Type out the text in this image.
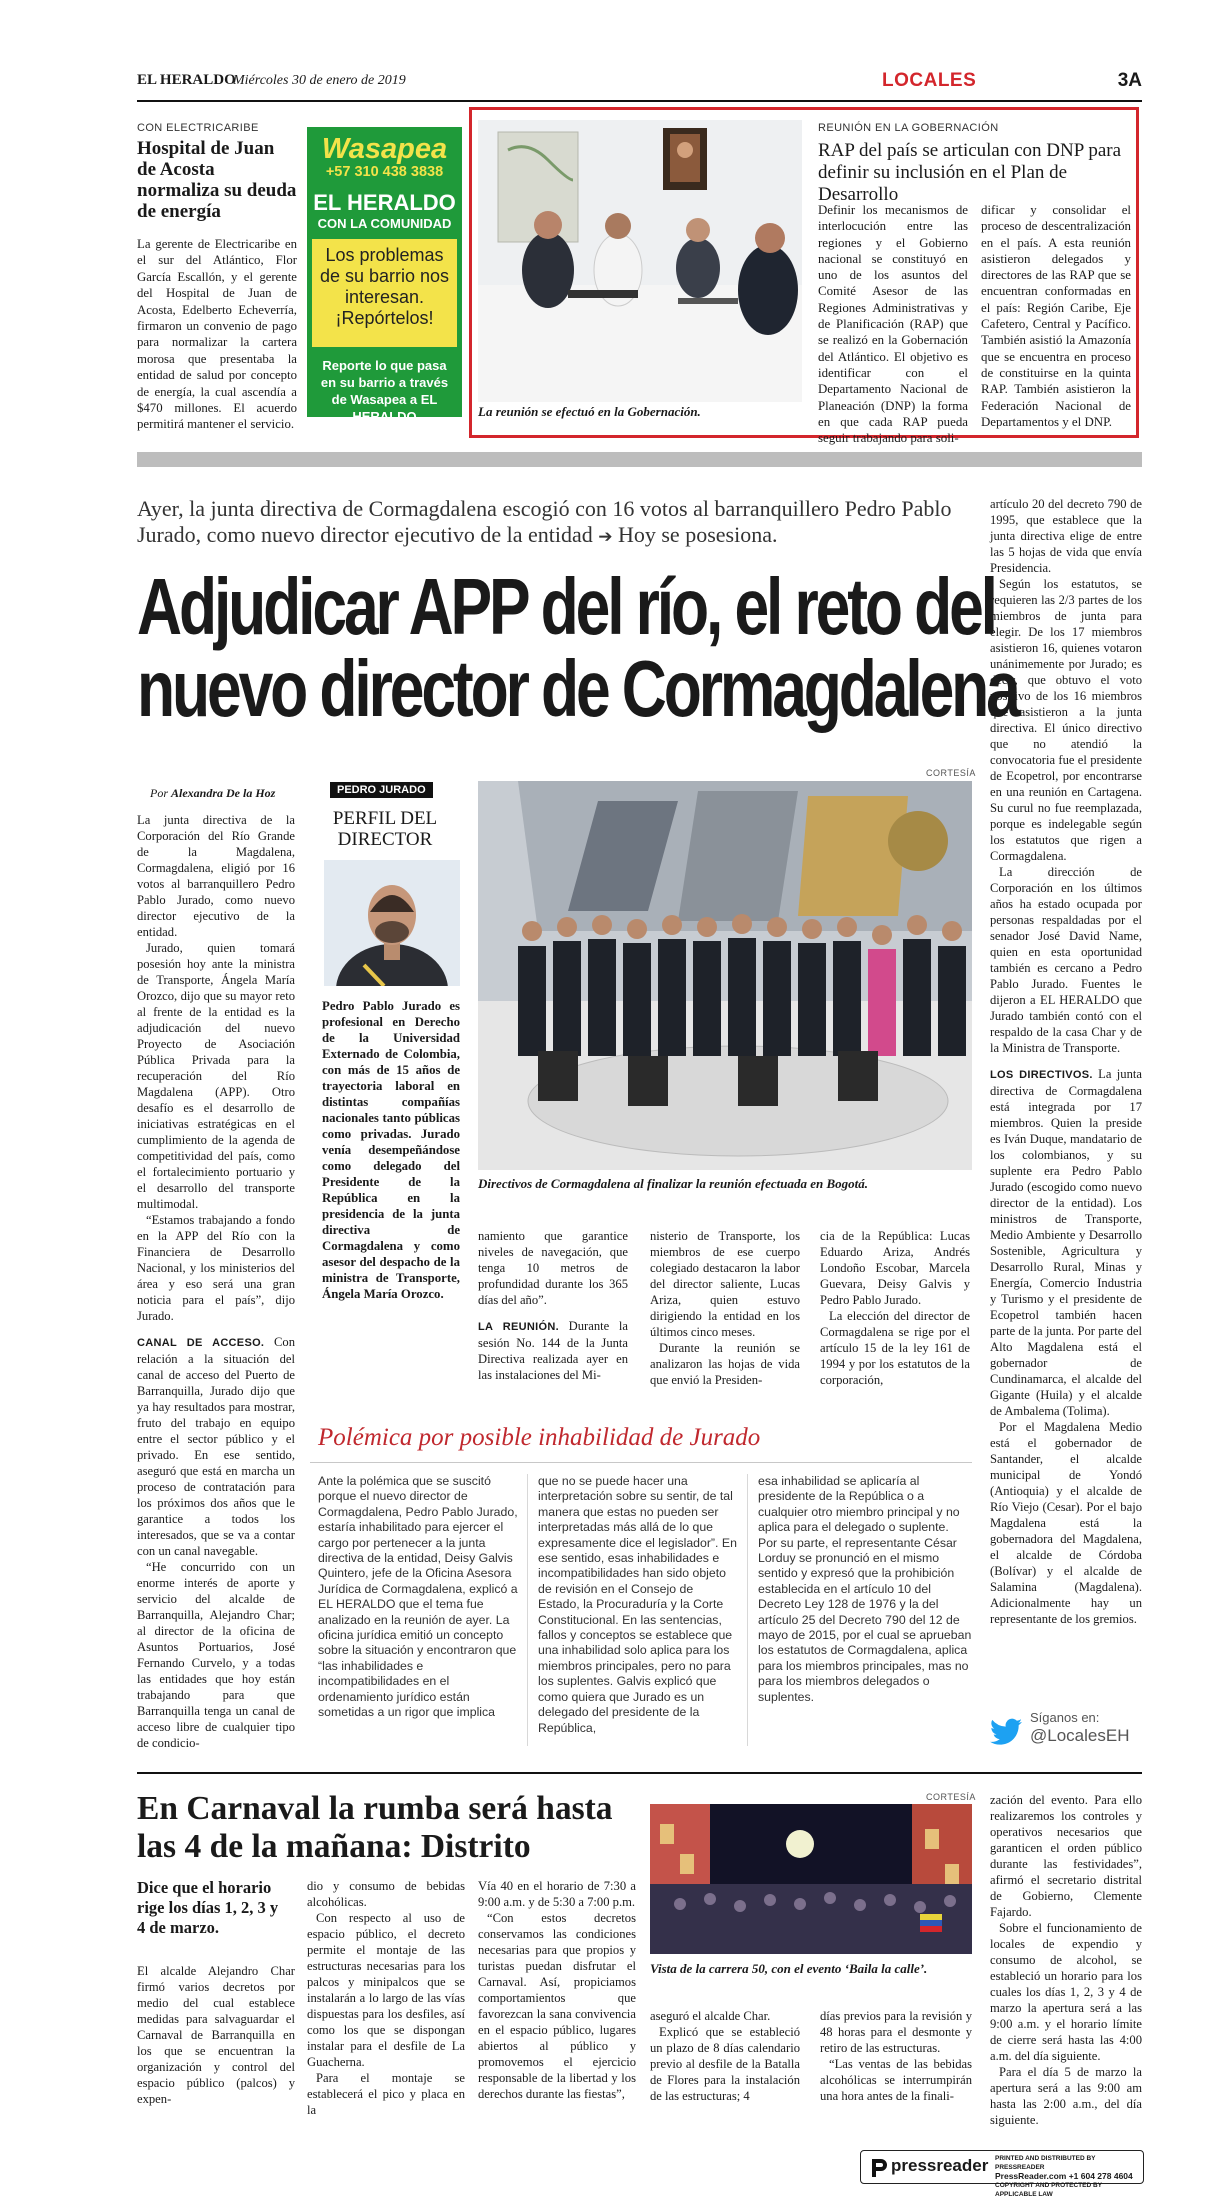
EL HERALDO
Miércoles 30 de enero de 2019	LOCALES	3A
CON ELECTRICARIBE
Hospital de Juan de Acosta normaliza su deuda de energía

La gerente de Electricaribe en el sur del Atlántico, Flor García Escallón, y el gerente del Hospital de Juan de Acosta, Edelberto Echeverría, firmaron un convenio de pago para normalizar la cartera morosa que presentaba la entidad de salud por concepto de energía, la cual ascendía a $470 millones. El acuerdo permitirá mantener el servicio.

Wasapea
+57 310 438 3838
EL HERALDO
CON LA COMUNIDAD
Los problemas de su barrio nos interesan. ¡Repórtelos!
Reporte lo que pasa en su barrio a través de Wasapea a EL HERALDO	La reunión se efectuó en la Gobernación.
REUNIÓN EN LA GOBERNACIÓN
RAP del país se articulan con DNP para definir su inclusión en el Plan de Desarrollo

Definir los mecanismos de interlocución entre las regiones y el Gobierno nacional se constituyó en uno de los asuntos del Comité Asesor de las Regiones Administrativas y de Planificación (RAP) que se realizó en la Gobernación del Atlántico. El objetivo es identificar con el Departamento Nacional de Planeación (DNP) la forma en que cada RAP pueda seguir trabajando para soli-

dificar y consolidar el proceso de descentralización en el país. A esta reunión asistieron delegados y directores de las RAP que se encuentran conformadas en el país: Región Caribe, Eje Cafetero, Central y Pacífico. También asistió la Amazonía que se encuentra en proceso de constituirse en la quinta RAP. También asistieron la Federación Nacional de Departamentos y el DNP.

Ayer, la junta directiva de Cormagdalena escogió con 16 votos al barranquillero Pedro Pablo Jurado, como nuevo director ejecutivo de la entidad ➔ Hoy se posesiona.
Adjudicar APP del río, el reto del
nuevo director de Cormagdalena
Por Alexandra De la Hoz

La junta directiva de la Corporación del Río Grande de la Magdalena, Cormagdalena, eligió por 16 votos al barranquillero Pedro Pablo Jurado, como nuevo director ejecutivo de la entidad.

Jurado, quien tomará posesión hoy ante la ministra de Transporte, Ángela María Orozco, dijo que su mayor reto al frente de la entidad es la adjudicación del nuevo Proyecto de Asociación Pública Privada para la recuperación del Río Magdalena (APP). Otro desafío es el desarrollo de iniciativas estratégicas en el cumplimiento de la agenda de competitividad del país, como el fortalecimiento portuario y el desarrollo del transporte multimodal.

“Estamos trabajando a fondo en la APP del Río con la Financiera de Desarrollo Nacional, y los ministerios del área y eso será una gran noticia para el país”, dijo Jurado.

CANAL DE ACCESO. Con relación a la situación del canal de acceso del Puerto de Barranquilla, Jurado dijo que ya hay resultados para mostrar, fruto del trabajo en equipo entre el sector público y el privado. En ese sentido, aseguró que está en marcha un proceso de contratación para los próximos dos años que le garantice a todos los interesados, que se va a contar con un canal navegable.

“He concurrido con un enorme interés de aporte y servicio del alcalde de Barranquilla, Alejandro Char; al director de la oficina de Asuntos Portuarios, José Fernando Curvelo, y a todas las entidades que hoy están trabajando para que Barranquilla tenga un canal de acceso libre de cualquier tipo de condicio-

PEDRO JURADO
PERFIL DEL DIRECTOR
Pedro Pablo Jurado es profesional en Derecho de la Universidad Externado de Colombia, con más de 15 años de trayectoria laboral en distintas compañías nacionales tanto públicas como privadas. Jurado venía desempeñándose como delegado del Presidente de la República en la presidencia de la junta directiva de Cormagdalena y como asesor del despacho de la ministra de Transporte, Ángela María Orozco.
CORTESÍA
Directivos de Cormagdalena al finalizar la reunión efectuada en Bogotá.

namiento que garantice niveles de navegación, que tenga 10 metros de profundidad durante los 365 días del año”.

LA REUNIÓN. Durante la sesión No. 144 de la Junta Directiva realizada ayer en las instalaciones del Mi-

nisterio de Transporte, los miembros de ese cuerpo colegiado destacaron la labor del director saliente, Lucas Ariza, quien estuvo dirigiendo la entidad en los últimos cinco meses.

Durante la reunión se analizaron las hojas de vida que envió la Presiden-

cia de la República: Lucas Eduardo Ariza, Andrés Londoño Escobar, Marcela Guevara, Deisy Galvis y Pedro Pablo Jurado.

La elección del director de Cormagdalena se rige por el artículo 15 de la ley 161 de 1994 y por los estatutos de la corporación,

artículo 20 del decreto 790 de 1995, que establece que la junta directiva elige de entre las 5 hojas de vida que envía Presidencia.

Según los estatutos, se requieren las 2/3 partes de los miembros de junta para elegir. De los 17 miembros asistieron 16, quienes votaron unánimemente por Jurado; es decir, que obtuvo el voto positivo de los 16 miembros que asistieron a la junta directiva. El único directivo que no atendió la convocatoria fue el presidente de Ecopetrol, por encontrarse en una reunión en Cartagena. Su curul no fue reemplazada, porque es indelegable según los estatutos que rigen a Cormagdalena.

La dirección de Corporación en los últimos años ha estado ocupada por personas respaldadas por el senador José David Name, quien en esta oportunidad también es cercano a Pedro Pablo Jurado. Fuentes le dijeron a EL HERALDO que Jurado también contó con el respaldo de la casa Char y de la Ministra de Transporte.

LOS DIRECTIVOS. La junta directiva de Cormagdalena está integrada por 17 miembros. Quien la preside es Iván Duque, mandatario de los colombianos, y su suplente era Pedro Pablo Jurado (escogido como nuevo director de la entidad). Los ministros de Transporte, Medio Ambiente y Desarrollo Sostenible, Agricultura y Desarrollo Rural, Minas y Energía, Comercio Industria y Turismo y el presidente de Ecopetrol también hacen parte de la junta. Por parte del Alto Magdalena está el gobernador de Cundinamarca, el alcalde del Gigante (Huila) y el alcalde de Ambalema (Tolima).

Por el Magdalena Medio está el gobernador de Santander, el alcalde municipal de Yondó (Antioquia) y el alcalde de Río Viejo (Cesar). Por el bajo Magdalena está la gobernadora del Magdalena, el alcalde de Córdoba (Bolívar) y el alcalde de Salamina (Magdalena). Adicionalmente hay un representante de los gremios.

Síganos en:
@LocalesEH
Polémica por posible inhabilidad de Jurado

Ante la polémica que se suscitó porque el nuevo director de Cormagdalena, Pedro Pablo Jurado, estaría inhabilitado para ejercer el cargo por pertenecer a la junta directiva de la entidad, Deisy Galvis Quintero, jefe de la Oficina Asesora Jurídica de Cormagdalena, explicó a EL HERALDO que el tema fue analizado en la reunión de ayer. La oficina jurídica emitió un concepto sobre la situación y encontraron que “las inhabilidades e incompatibilidades en el ordenamiento jurídico están sometidas a un rigor que implica

que no se puede hacer una interpretación sobre su sentir, de tal manera que estas no pueden ser interpretadas más allá de lo que expresamente dice el legislador”. En ese sentido, esas inhabilidades e incompatibilidades han sido objeto de revisión en el Consejo de Estado, la Procuraduría y la Corte Constitucional. En las sentencias, fallos y conceptos se establece que una inhabilidad solo aplica para los miembros principales, pero no para los suplentes. Galvis explicó que como quiera que Jurado es un delegado del presidente de la República,

esa inhabilidad se aplicaría al presidente de la República o a cualquier otro miembro principal y no aplica para el delegado o suplente.

Por su parte, el representante César Lorduy se pronunció en el mismo sentido y expresó que la prohibición establecida en el artículo 10 del Decreto Ley 128 de 1976 y la del artículo 25 del Decreto 790 del 12 de mayo de 2015, por el cual se aprueban los estatutos de Cormagdalena, aplica para los miembros principales, mas no para los miembros delegados o suplentes.

En Carnaval la rumba será hasta
las 4 de la mañana: Distrito
Dice que el horario rige los días 1, 2, 3 y 4 de marzo.

El alcalde Alejandro Char firmó varios decretos por medio del cual establece medidas para salvaguardar el Carnaval de Barranquilla en los que se encuentran la organización y control del espacio público (palcos) y expen-

dio y consumo de bebidas alcohólicas.

Con respecto al uso de espacio público, el decreto permite el montaje de las estructuras necesarias para los palcos y minipalcos que se instalarán a lo largo de las vías dispuestas para los desfiles, así como los que se dispongan instalar para el desfile de La Guacherna.

Para el montaje se establecerá el pico y placa en la

Vía 40 en el horario de 7:30 a 9:00 a.m. y de 5:30 a 7:00 p.m.

“Con estos decretos conservamos las condiciones necesarias para que propios y turistas puedan disfrutar el Carnaval. Así, propiciamos comportamientos que favorezcan la sana convivencia en el espacio público, lugares abiertos al público y promovemos el ejercicio responsable de la libertad y los derechos durante las fiestas”,

CORTESÍA
Vista de la carrera 50, con el evento ‘Baila la calle’.

aseguró el alcalde Char.

Explicó que se estableció un plazo de 8 días calendario previo al desfile de la Batalla de Flores para la instalación de las estructuras; 4

días previos para la revisión y 48 horas para el desmonte y retiro de las estructuras.

“Las ventas de las bebidas alcohólicas se interrumpirán una hora antes de la finali-

zación del evento. Para ello realizaremos los controles y operativos necesarios que garanticen el orden público durante las festividades”, afirmó el secretario distrital de Gobierno, Clemente Fajardo.

Sobre el funcionamiento de locales de expendio y consumo de alcohol, se estableció un horario para los cuales los días 1, 2, 3 y 4 de marzo la apertura será a las 9:00 a.m. y el horario límite de cierre será hasta las 4:00 a.m. del día siguiente.

Para el día 5 de marzo la apertura será a las 9:00 am hasta las 2:00 a.m., del día siguiente.

pressreader PRINTED AND DISTRIBUTED BY PRESSREADER
PressReader.com +1 604 278 4604
COPYRIGHT AND PROTECTED BY APPLICABLE LAW
